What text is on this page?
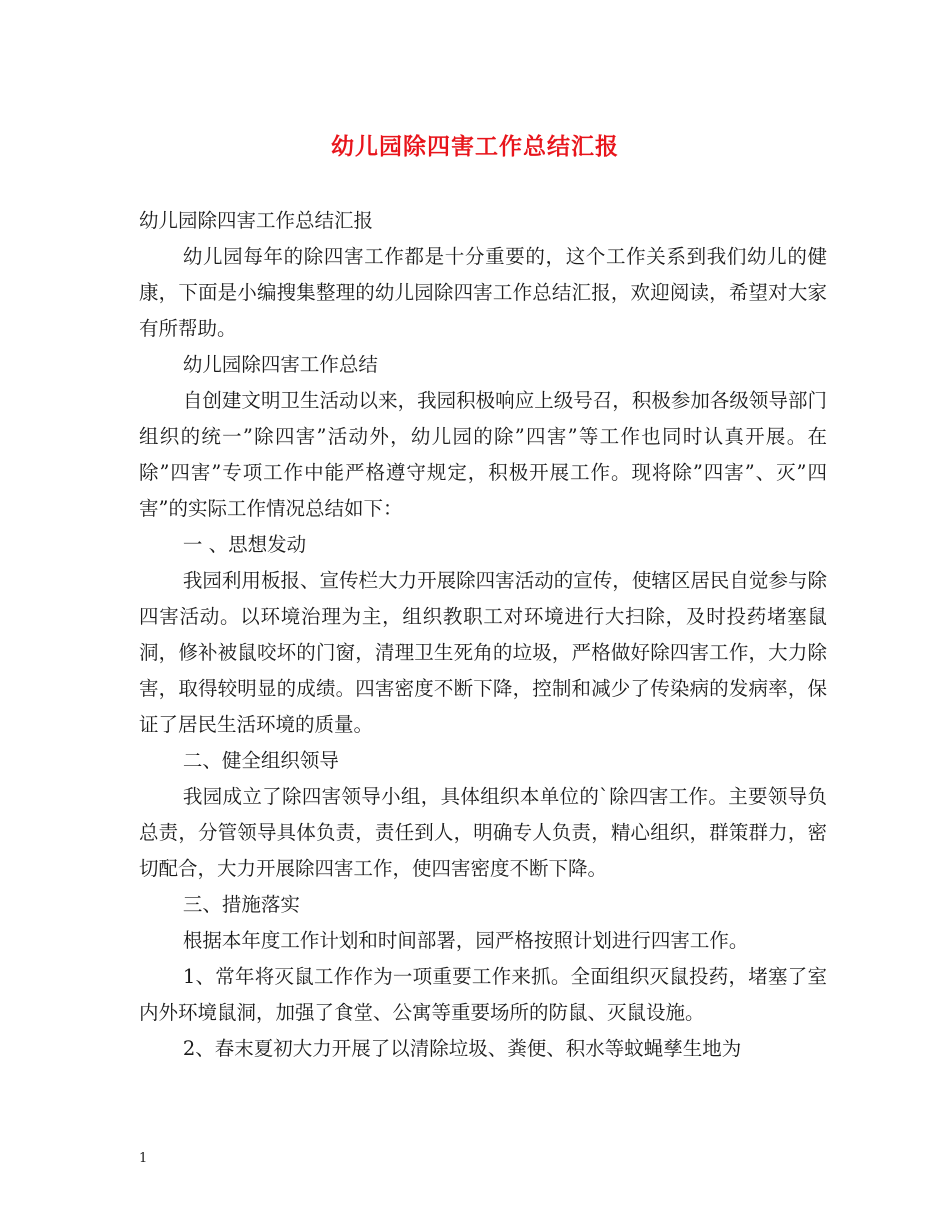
幼儿园除四害工作总结汇报

幼儿园除四害工作总结汇报

幼儿园每年的除四害工作都是十分重要的，这个工作关系到我们幼儿的健康，下面是小编搜集整理的幼儿园除四害工作总结汇报，欢迎阅读，希望对大家有所帮助。

幼儿园除四害工作总结

自创建文明卫生活动以来，我园积极响应上级号召，积极参加各级领导部门组织的统一”除四害”活动外，幼儿园的除”四害”等工作也同时认真开展。在除”四害”专项工作中能严格遵守规定，积极开展工作。现将除”四害”、灭”四害”的实际工作情况总结如下：

一 、思想发动

我园利用板报、宣传栏大力开展除四害活动的宣传，使辖区居民自觉参与除四害活动。以环境治理为主，组织教职工对环境进行大扫除，及时投药堵塞鼠洞，修补被鼠咬坏的门窗，清理卫生死角的垃圾，严格做好除四害工作，大力除害，取得较明显的成绩。四害密度不断下降，控制和减少了传染病的发病率，保证了居民生活环境的质量。

二、健全组织领导

我园成立了除四害领导小组，具体组织本单位的`除四害工作。主要领导负总责，分管领导具体负责，责任到人，明确专人负责，精心组织，群策群力，密切配合，大力开展除四害工作，使四害密度不断下降。

三、措施落实

根据本年度工作计划和时间部署，园严格按照计划进行四害工作。

1、常年将灭鼠工作作为一项重要工作来抓。全面组织灭鼠投药，堵塞了室内外环境鼠洞，加强了食堂、公寓等重要场所的防鼠、灭鼠设施。

2、春末夏初大力开展了以清除垃圾、粪便、积水等蚊蝇孳生地为

1
